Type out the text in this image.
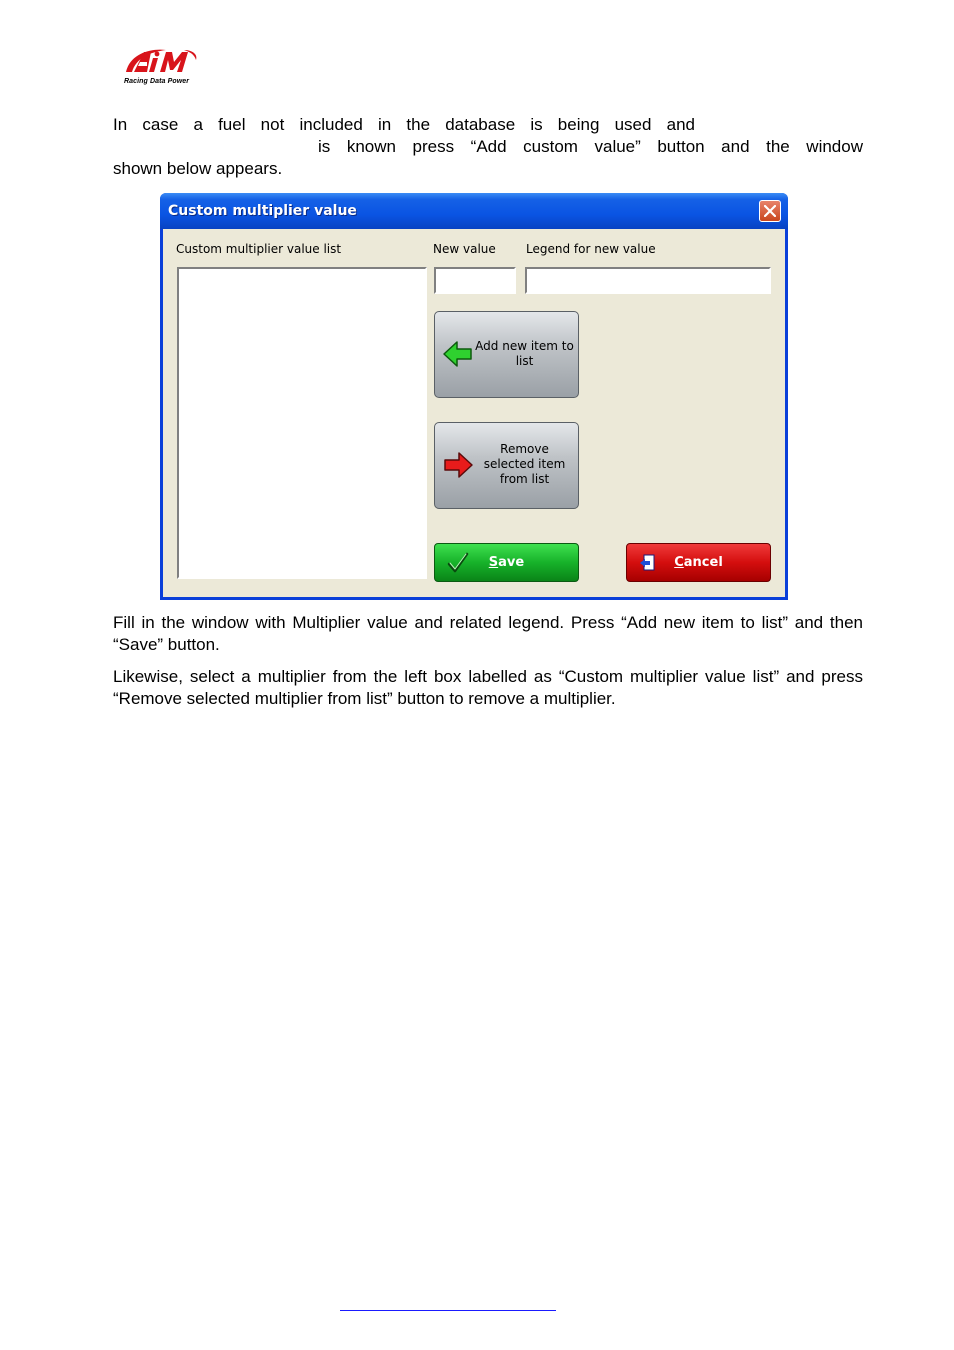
Racing Data Power
In case a fuel not included in the database is being used and
is known press “Add custom value” button and the window
shown below appears.
Custom multiplier value
Custom multiplier value list	New value	Legend for new value
Add new item to list
Remove selected item from list
Save	Cancel
Fill in the window with Multiplier value and related legend. Press “Add new item to list” and then “Save” button.
Likewise, select a multiplier from the left box labelled as “Custom multiplier value list” and press “Remove selected multiplier from list” button to remove a multiplier.
